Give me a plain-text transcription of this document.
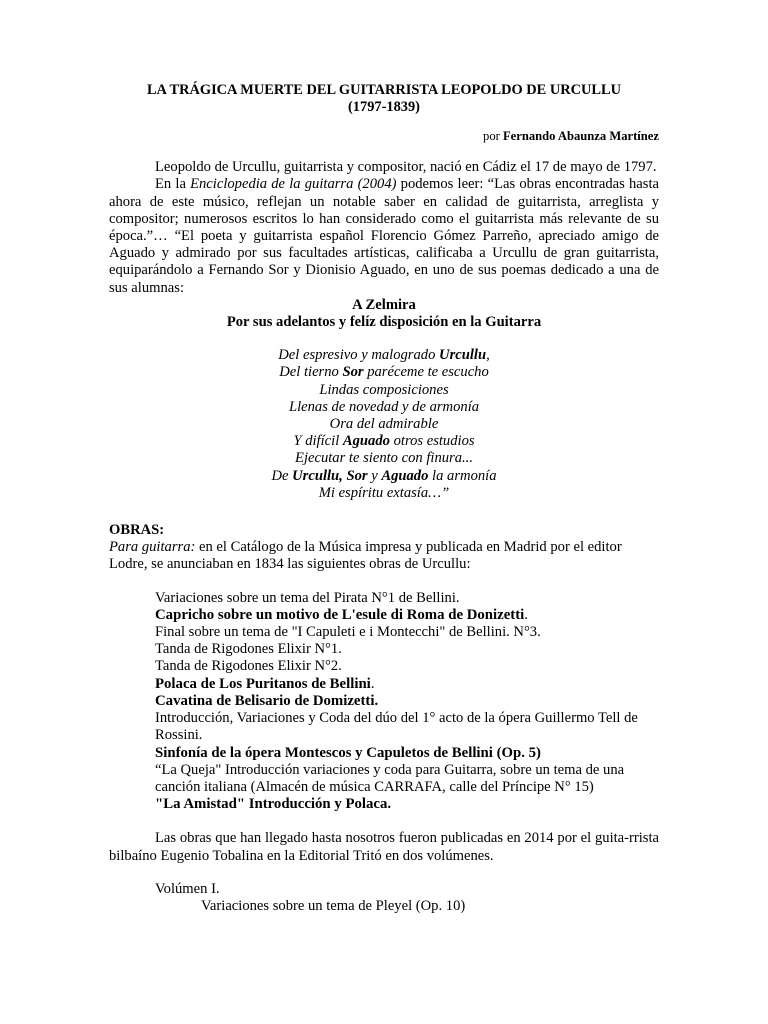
LA TRÁGICA MUERTE DEL GUITARRISTA LEOPOLDO DE URCULLU
(1797-1839)
por Fernando Abaunza Martínez
Leopoldo de Urcullu, guitarrista y compositor, nació en Cádiz el 17 de mayo de 1797.
En la Enciclopedia de la guitarra (2004) podemos leer: “Las obras encontradas hasta ahora de este músico, reflejan un notable saber en calidad de guitarrista, arreglista y compositor; numerosos escritos lo han considerado como el guitarrista más relevante de su época.”… “El poeta y guitarrista español Florencio Gómez Parreño, apreciado amigo de Aguado y admirado por sus facultades artísticas, calificaba a Urcullu de gran guitarrista, equiparándolo a Fernando Sor y Dionisio Aguado, en uno de sus poemas dedicado a una de sus alumnas:
A Zelmira
Por sus adelantos y felíz disposición en la Guitarra
Del espresivo y malogrado Urcullu,
Del tierno Sor paréceme te escucho
Lindas composiciones
Llenas de novedad y de armonía
Ora del admirable
Y difícil Aguado otros estudios
Ejecutar te siento con finura...
De Urcullu, Sor y Aguado la armonía
Mi espíritu extasía…”
OBRAS:
Para guitarra: en el Catálogo de la Música impresa y publicada en Madrid por el editor Lodre, se anunciaban en 1834 las siguientes obras de Urcullu:
Variaciones sobre un tema del Pirata N°1 de Bellini.
Capricho sobre un motivo de L'esule di Roma de Donizetti.
Final sobre un tema de "I Capuleti e i Montecchi" de Bellini. N°3.
Tanda de Rigodones Elixir N°1.
Tanda de Rigodones Elixir N°2.
Polaca de Los Puritanos de Bellini.
Cavatina de Belisario de Domizetti.
Introducción, Variaciones y Coda del dúo del 1° acto de la ópera Guillermo Tell de Rossini.
Sinfonía de la ópera Montescos y Capuletos de Bellini (Op. 5)
“La Queja" Introducción variaciones y coda para Guitarra, sobre un tema de una canción italiana (Almacén de música CARRAFA, calle del Príncipe N° 15)
"La Amistad" Introducción y Polaca.
Las obras que han llegado hasta nosotros fueron publicadas en 2014 por el guita-rrista bilbaíno Eugenio Tobalina en la Editorial Tritó en dos volúmenes.
Volúmen I.
Variaciones sobre un tema de Pleyel (Op. 10)
